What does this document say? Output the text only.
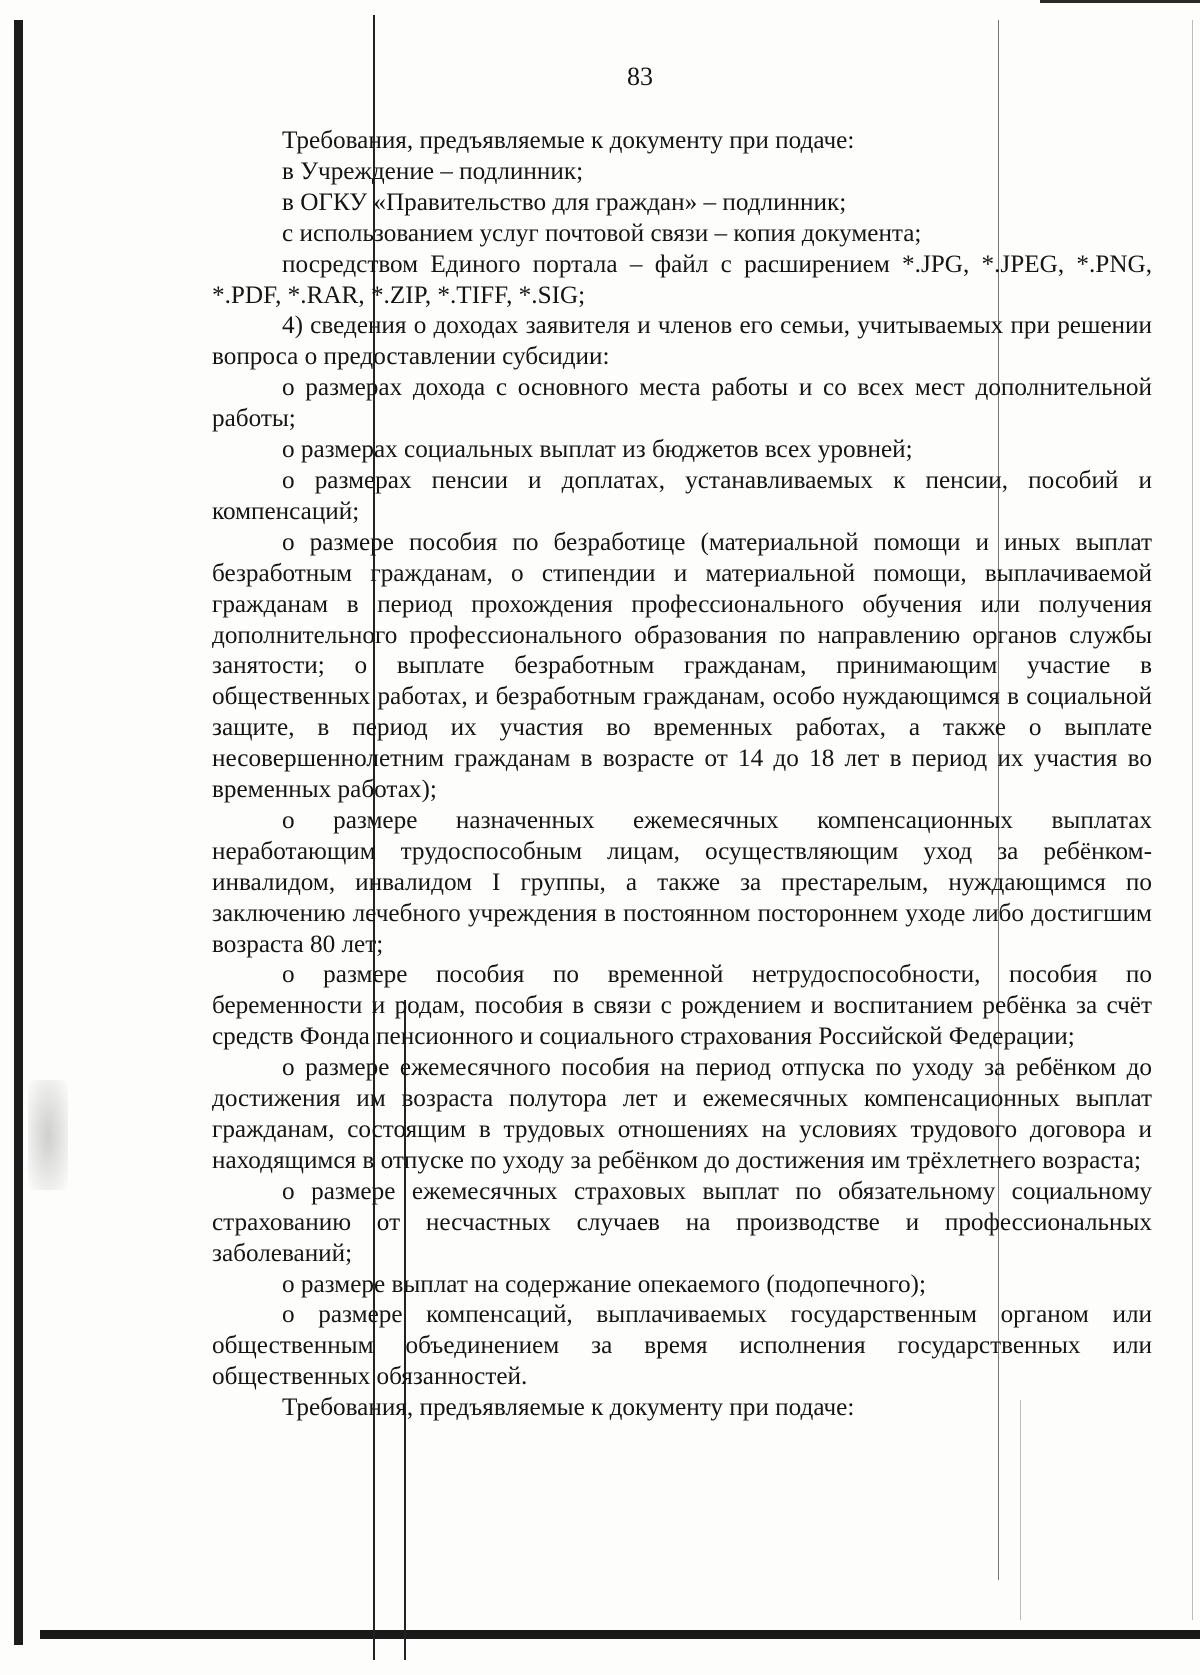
83

Требования, предъявляемые к документу при подаче:

в Учреждение – подлинник;

в ОГКУ «Правительство для граждан» – подлинник;

с использованием услуг почтовой связи – копия документа;

посредством Единого портала – файл с расширением *.JPG, *.JPEG, *.PNG, *.PDF, *.RAR, *.ZIP, *.TIFF, *.SIG;

4) сведения о доходах заявителя и членов его семьи, учитываемых при решении вопроса о предоставлении субсидии:

о размерах дохода с основного места работы и со всех мест дополнительной работы;

о размерах социальных выплат из бюджетов всех уровней;

о размерах пенсии и доплатах, устанавливаемых к пенсии, пособий и компенсаций;

о размере пособия по безработице (материальной помощи и иных выплат безработным гражданам, о стипендии и материальной помощи, выплачиваемой гражданам в период прохождения профессионального обучения или получения дополнительного профессионального образования по направлению органов службы занятости; о выплате безработным гражданам, принимающим участие в общественных работах, и безработным гражданам, особо нуждающимся в социальной защите, в период их участия во временных работах, а также о выплате несовершеннолетним гражданам в возрасте от 14 до 18 лет в период их участия во временных работах);

о размере назначенных ежемесячных компенсационных выплатах неработающим трудоспособным лицам, осуществляющим уход за ребёнком-инвалидом, инвалидом I группы, а также за престарелым, нуждающимся по заключению лечебного учреждения в постоянном постороннем уходе либо достигшим возраста 80 лет;

о размере пособия по временной нетрудоспособности, пособия по беременности и родам, пособия в связи с рождением и воспитанием ребёнка за счёт средств Фонда пенсионного и социального страхования Российской Федерации;

о размере ежемесячного пособия на период отпуска по уходу за ребёнком до достижения им возраста полутора лет и ежемесячных компенсационных выплат гражданам, состоящим в трудовых отношениях на условиях трудового договора и находящимся в отпуске по уходу за ребёнком до достижения им трёхлетнего возраста;

о размере ежемесячных страховых выплат по обязательному социальному страхованию от несчастных случаев на производстве и профессиональных заболеваний;

о размере выплат на содержание опекаемого (подопечного);

о размере компенсаций, выплачиваемых государственным органом или общественным объединением за время исполнения государственных или общественных обязанностей.

Требования, предъявляемые к документу при подаче:
